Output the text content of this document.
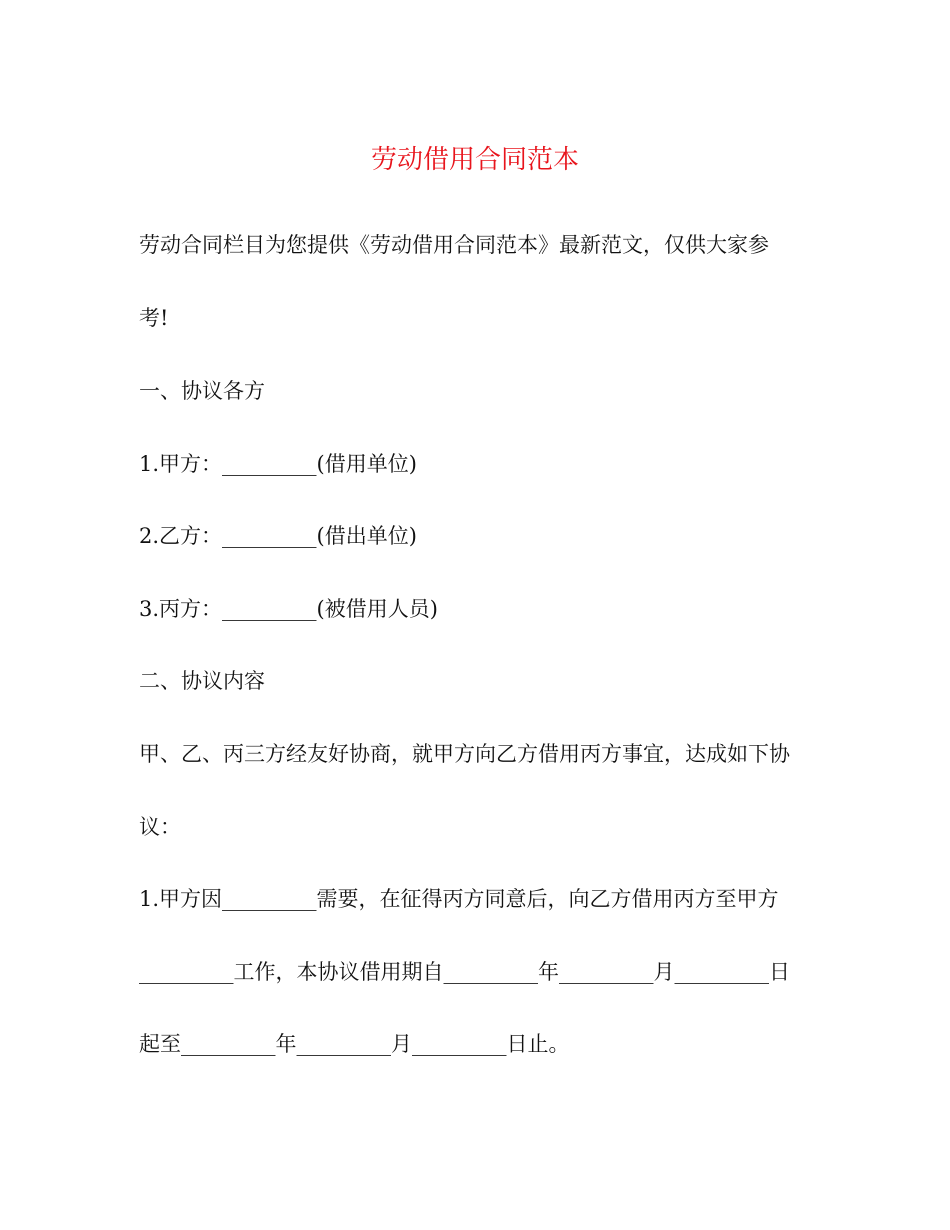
劳动借用合同范本

劳动合同栏目为您提供《劳动借用合同范本》最新范文，仅供大家参

考!

一、协议各方

1.甲方：_________(借用单位)

2.乙方：_________(借出单位)

3.丙方：_________(被借用人员)

二、协议内容

甲、乙、丙三方经友好协商，就甲方向乙方借用丙方事宜，达成如下协

议：

1.甲方因_________需要，在征得丙方同意后，向乙方借用丙方至甲方

_________工作，本协议借用期自_________年_________月_________日

起至_________年_________月_________日止。
